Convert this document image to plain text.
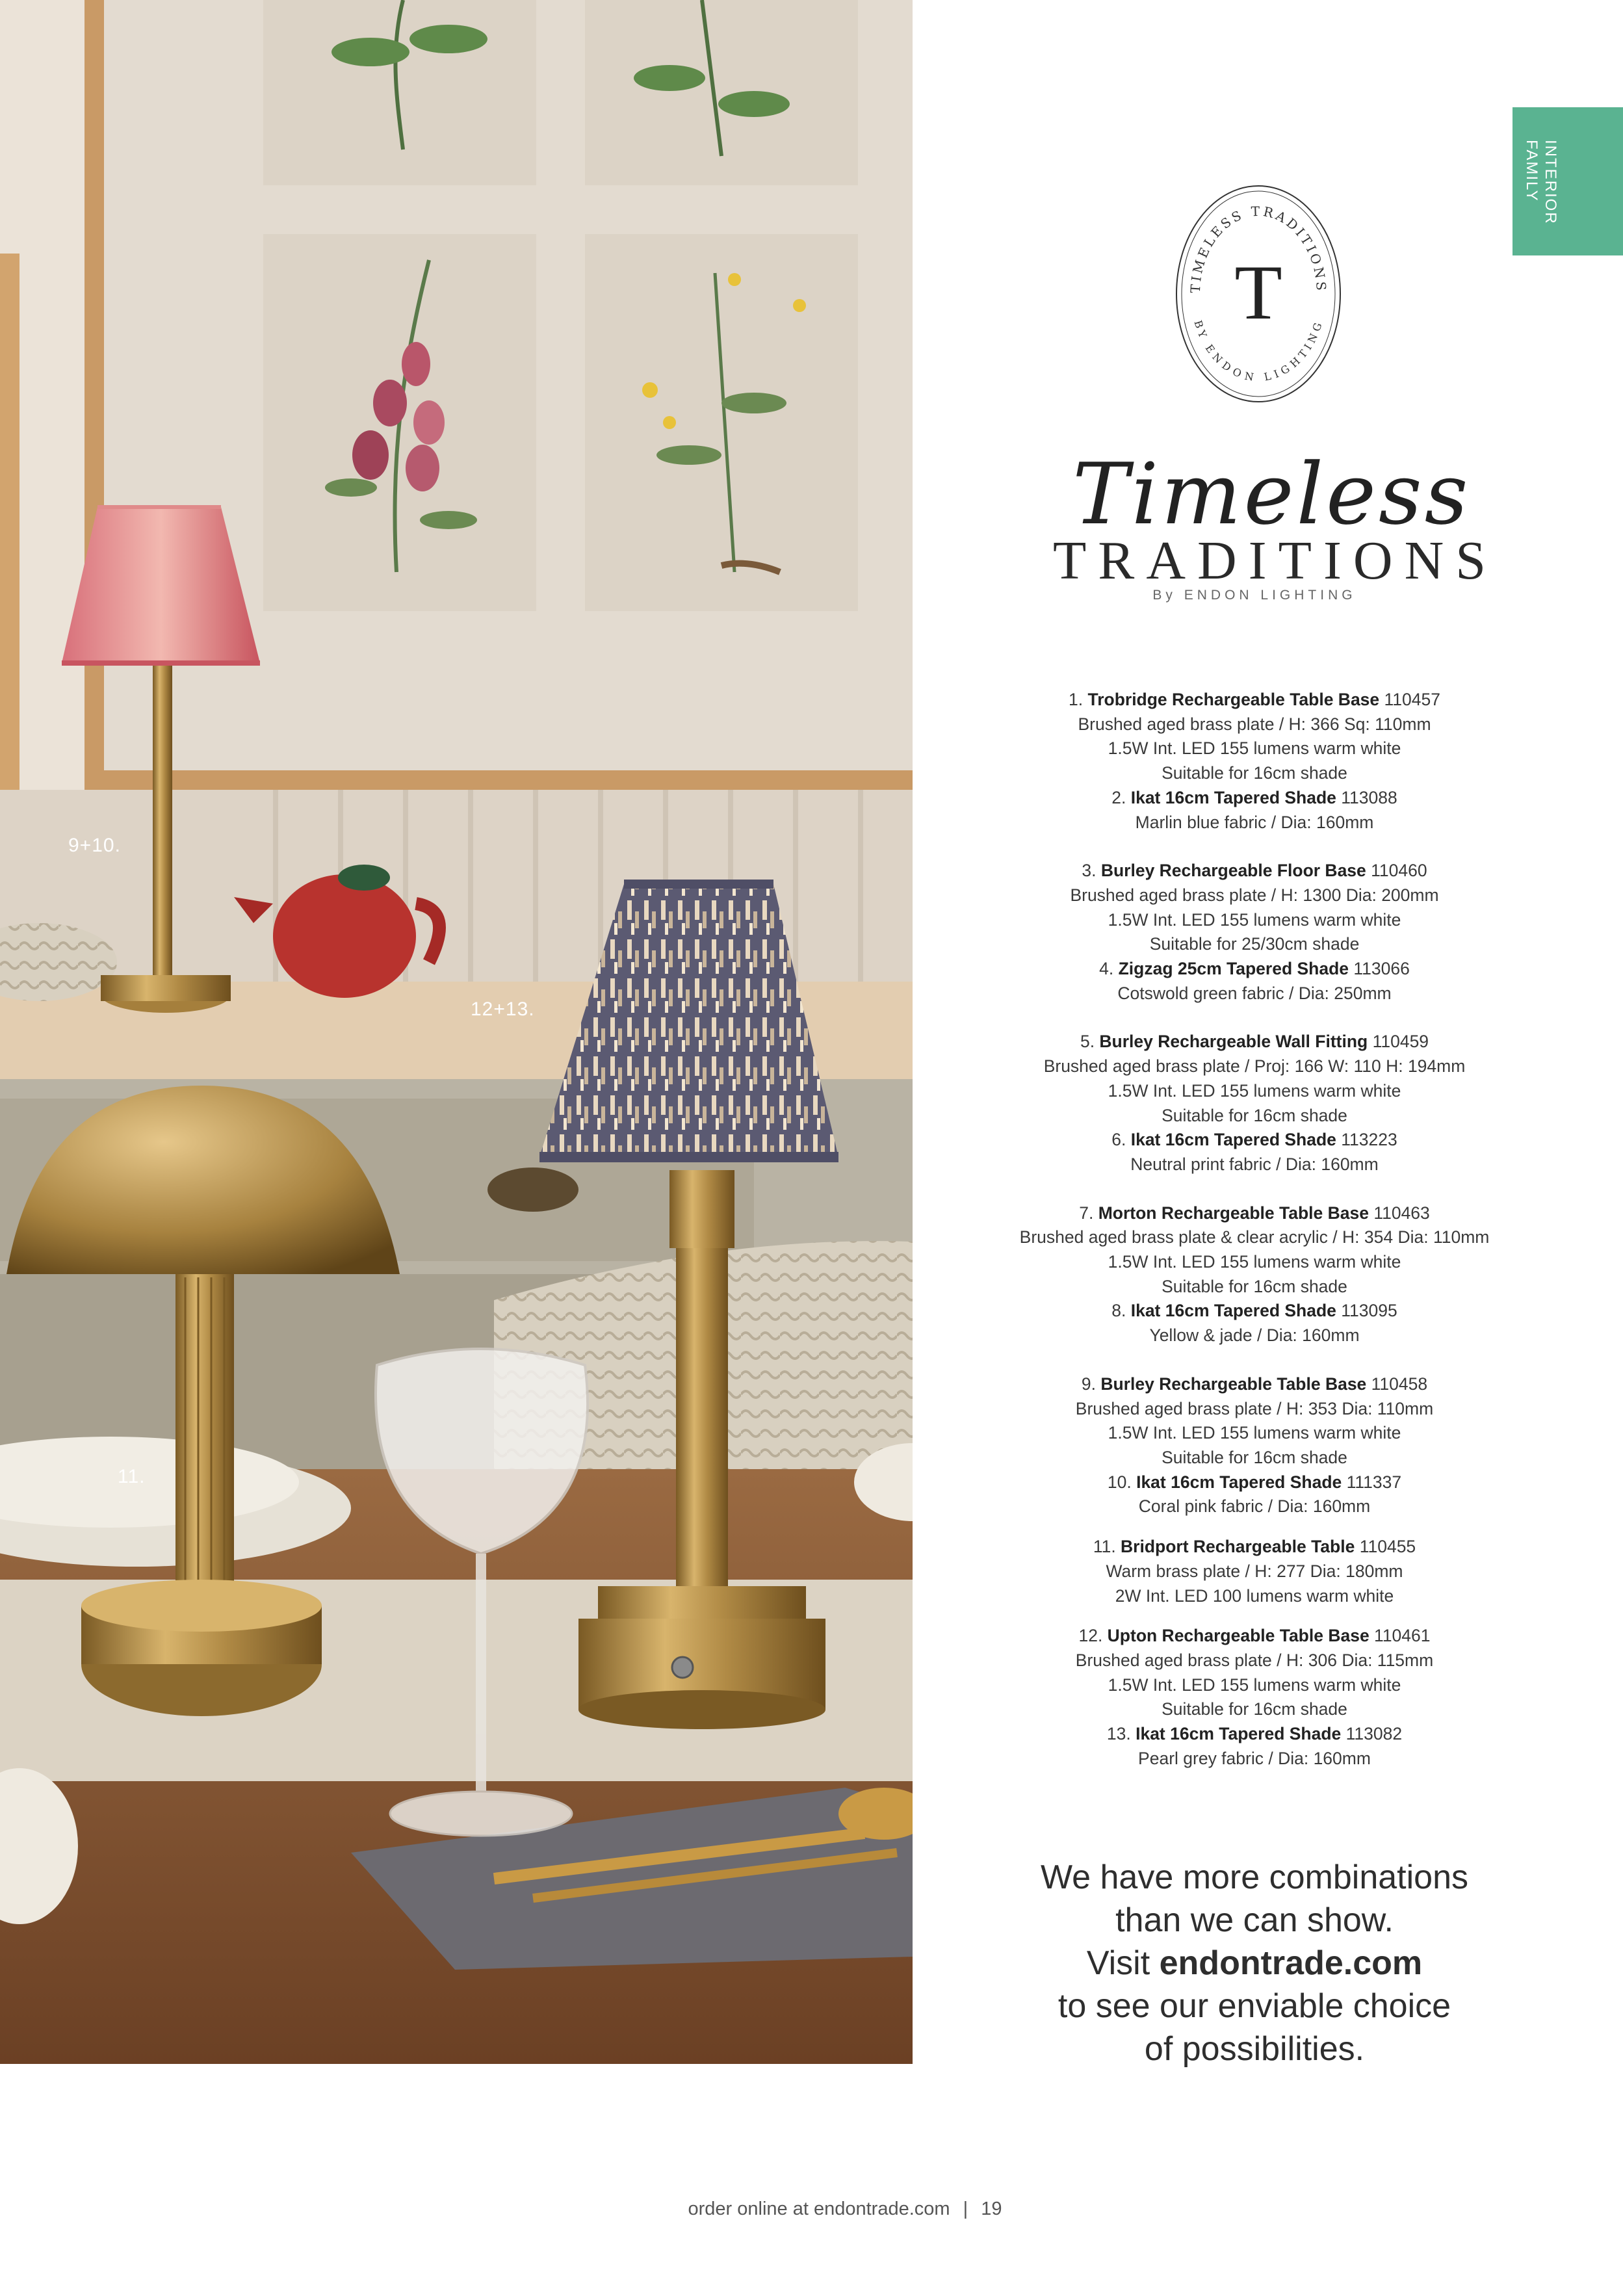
9+10.
12+13.
11.
INTERIOR
FAMILY
TIMELESS TRADITIONS
BY ENDON LIGHTING
T
Timeless
TRADITIONS
By ENDON LIGHTING
1. Trobridge Rechargeable Table Base 110457
Brushed aged brass plate / H: 366 Sq: 110mm
1.5W Int. LED 155 lumens warm white
Suitable for 16cm shade
2. Ikat 16cm Tapered Shade 113088
Marlin blue fabric / Dia: 160mm
3. Burley Rechargeable Floor Base 110460
Brushed aged brass plate / H: 1300 Dia: 200mm
1.5W Int. LED 155 lumens warm white
Suitable for 25/30cm shade
4. Zigzag 25cm Tapered Shade 113066
Cotswold green fabric / Dia: 250mm
5. Burley Rechargeable Wall Fitting 110459
Brushed aged brass plate / Proj: 166 W: 110 H: 194mm
1.5W Int. LED 155 lumens warm white
Suitable for 16cm shade
6. Ikat 16cm Tapered Shade 113223
Neutral print fabric / Dia: 160mm
7. Morton Rechargeable Table Base 110463
Brushed aged brass plate & clear acrylic / H: 354 Dia: 110mm
1.5W Int. LED 155 lumens warm white
Suitable for 16cm shade
8. Ikat 16cm Tapered Shade 113095
Yellow & jade / Dia: 160mm
9. Burley Rechargeable Table Base 110458
Brushed aged brass plate / H: 353 Dia: 110mm
1.5W Int. LED 155 lumens warm white
Suitable for 16cm shade
10. Ikat 16cm Tapered Shade 111337
Coral pink fabric / Dia: 160mm
11. Bridport Rechargeable Table 110455
Warm brass plate / H: 277 Dia: 180mm
2W Int. LED 100 lumens warm white
12. Upton Rechargeable Table Base 110461
Brushed aged brass plate / H: 306 Dia: 115mm
1.5W Int. LED 155 lumens warm white
Suitable for 16cm shade
13. Ikat 16cm Tapered Shade 113082
Pearl grey fabric / Dia: 160mm
We have more combinations
than we can show.
Visit endontrade.com
to see our enviable choice
of possibilities.
order online at endontrade.com | 19
